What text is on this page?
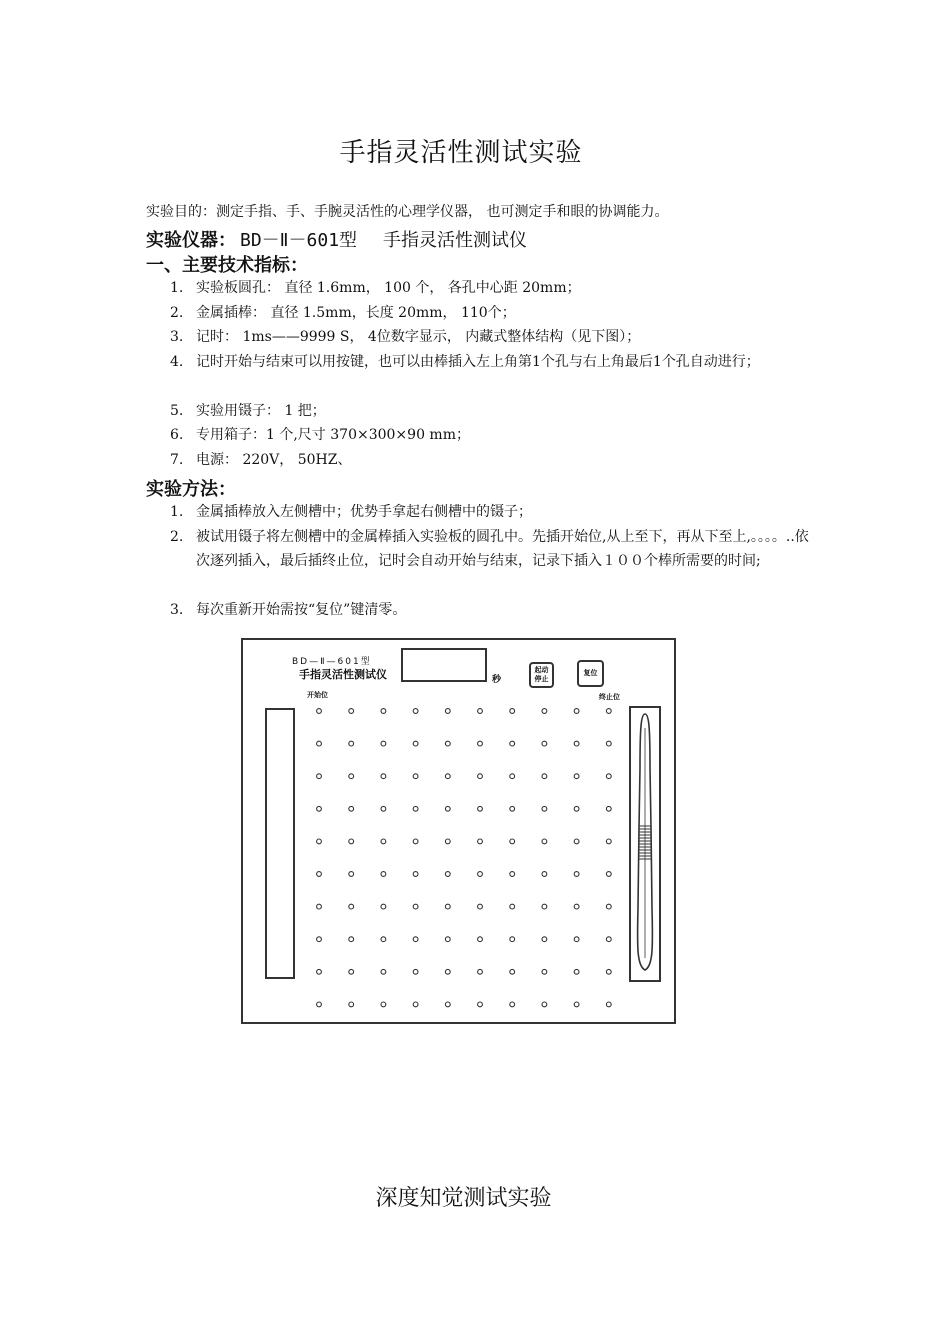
手指灵活性测试实验
实验目的：测定手指、手、手腕灵活性的心理学仪器， 也可测定手和眼的协调能力。
实验仪器： BD－Ⅱ－601型 手指灵活性测试仪
一、主要技术指标：
1. 实验板圆孔： 直径 1.6mm， 100 个， 各孔中心距 20mm；
2. 金属插棒： 直径 1.5mm，长度 20mm， 110个；
3. 记时： 1ms——9999 S， 4位数字显示， 内藏式整体结构（见下图）；
4. 记时开始与结束可以用按键，也可以由棒插入左上角第1个孔与右上角最后1个孔自动进行；
5. 实验用镊子： 1 把；
6. 专用箱子：1 个,尺寸 370×300×90 mm；
7. 电源： 220V， 50HZ、
实验方法：
1. 金属插棒放入左侧槽中；优势手拿起右侧槽中的镊子；
2. 被试用镊子将左侧槽中的金属棒插入实验板的圆孔中。先插开始位,从上至下，再从下至上,。。。。..依次逐列插入，最后插终止位，记时会自动开始与结束，记录下插入１００个棒所需要的时间;
3. 每次重新开始需按“复位”键清零。
BD—Ⅱ—601型
手指灵活性测试仪	秒
起动
停止
复位
开始位	终止位
深度知觉测试实验
